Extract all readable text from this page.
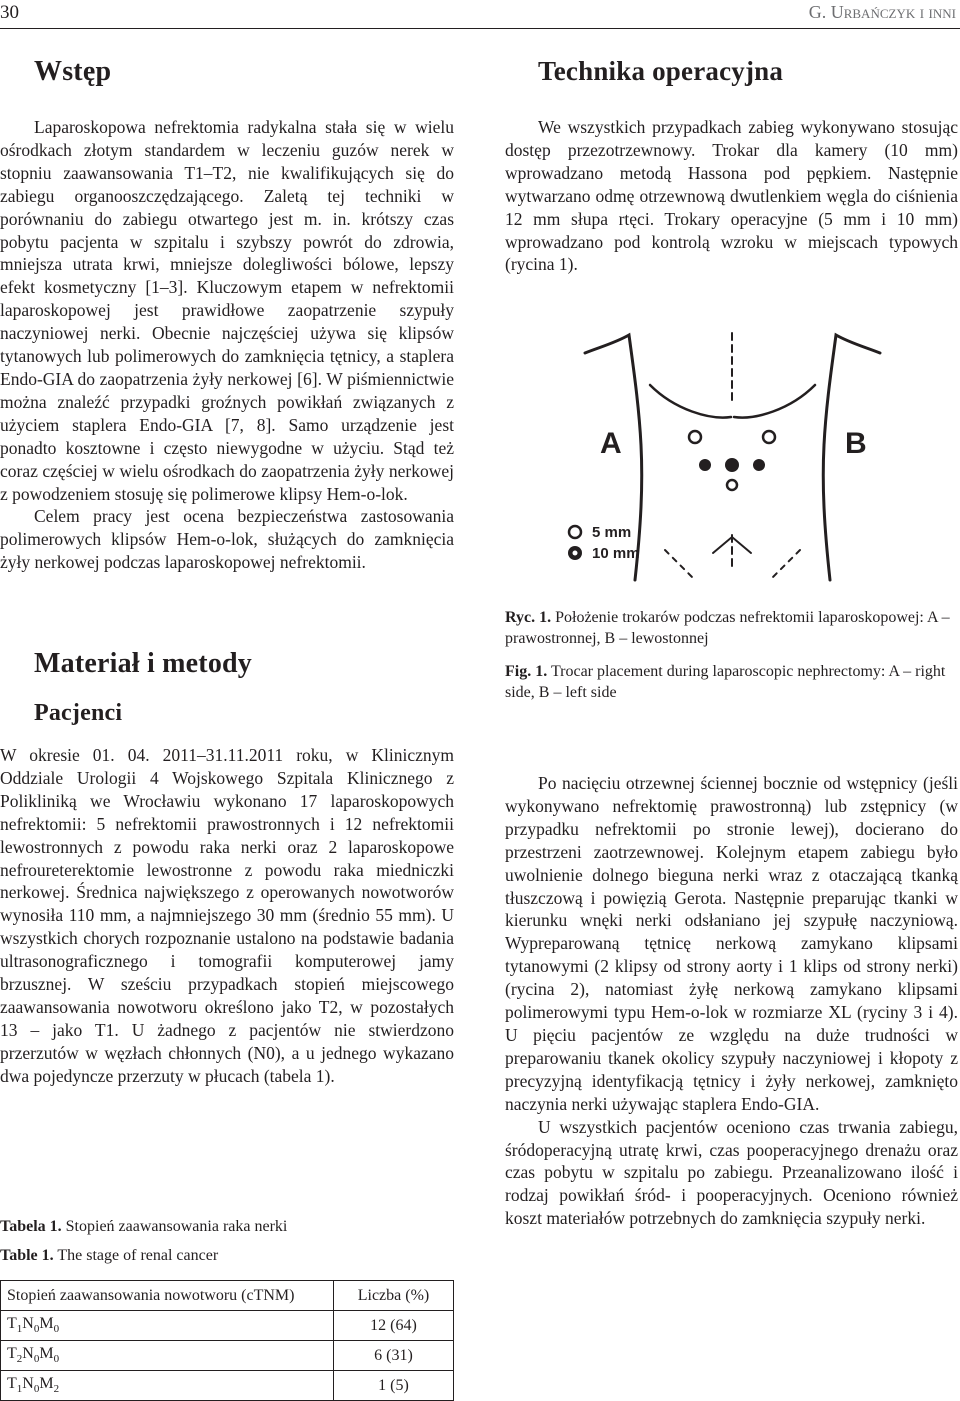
30	G. Urbańczyk i inni
Wstęp

Laparoskopowa nefrektomia radykalna stała się w wielu ośrodkach złotym standardem w leczeniu guzów nerek w stopniu zaawansowania T1–T2, nie kwalifikujących się do zabiegu organooszczędzającego. Zaletą tej techniki w porównaniu do zabiegu otwartego jest m. in. krótszy czas pobytu pacjenta w szpitalu i szybszy powrót do zdrowia, mniejsza utrata krwi, mniejsze dolegliwości bólowe, lepszy efekt kosmetyczny [1–3]. Kluczowym etapem w nefrektomii laparoskopowej jest prawidłowe zaopatrzenie szypuły naczyniowej nerki. Obecnie najczęściej używa się klipsów tytanowych lub polimerowych do zamknięcia tętnicy, a staplera Endo-GIA do zaopatrzenia żyły nerkowej [6]. W piśmiennictwie można znaleźć przypadki groźnych powikłań związanych z użyciem staplera Endo-GIA [7, 8]. Samo urządzenie jest ponadto kosztowne i często niewygodne w użyciu. Stąd też coraz częściej w wielu ośrodkach do zaopatrzenia żyły nerkowej z powodzeniem stosuję się polimerowe klipsy Hem-o-lok.

Celem pracy jest ocena bezpieczeństwa zastosowania polimerowych klipsów Hem-o-lok, służących do zamknięcia żyły nerkowej podczas laparoskopowej nefrektomii.

Materiał i metody
Pacjenci

W okresie 01. 04. 2011–31.11.2011 roku, w Klinicznym Oddziale Urologii 4 Wojskowego Szpitala Klinicznego z Polikliniką we Wrocławiu wykonano 17 laparoskopowych nefrektomii: 5 nefrektomii prawostronnych i 12 nefrektomii lewostronnych z powodu raka nerki oraz 2 laparoskopowe nefroureterektomie lewostronne z powodu raka miedniczki nerkowej. Średnica największego z operowanych nowotworów wynosiła 110 mm, a najmniejszego 30 mm (średnio 55 mm). U wszystkich chorych rozpoznanie ustalono na podstawie badania ultrasonograficznego i tomografii komputerowej jamy brzusznej. W sześciu przypadkach stopień miejscowego zaawansowania nowotworu określono jako T2, w pozostałych 13 – jako T1. U żadnego z pacjentów nie stwierdzono przerzutów w węzłach chłonnych (N0), a u jednego wykazano dwa pojedyncze przerzuty w płucach (tabela 1).

Tabela 1. Stopień zaawansowania raka nerki
Table 1. The stage of renal cancer
Stopień zaawansowania nowotworu (cTNM)	Liczba (%)
$T_1N_0M_0$	12 (64)
$T_2N_0M_0$	6 (31)
$T_1N_0M_2$	1 (5)
Technika operacyjna

We wszystkich przypadkach zabieg wykonywano stosując dostęp przezotrzewnowy. Trokar dla kamery (10 mm) wprowadzano metodą Hassona pod pępkiem. Następnie wytwarzano odmę otrzewnową dwutlenkiem węgla do ciśnienia 12 mm słupa rtęci. Trokary operacyjne (5 mm i 10 mm) wprowadzano pod kontrolą wzroku w miejscach typowych (rycina 1).

A	B
5 mm
10 mm
Ryc. 1. Położenie trokarów podczas nefrektomii laparoskopowej: A – prawostronnej, B – lewostonnej
Fig. 1. Trocar placement during laparoscopic nephrectomy: A – right side, B – left side

Po nacięciu otrzewnej ściennej bocznie od wstępnicy (jeśli wykonywano nefrektomię prawostronną) lub zstępnicy (w przypadku nefrektomii po stronie lewej), docierano do przestrzeni zaotrzewnowej. Kolejnym etapem zabiegu było uwolnienie dolnego bieguna nerki wraz z otaczającą tkanką tłuszczową i powięzią Gerota. Następnie preparując tkanki w kierunku wnęki nerki odsłaniano jej szypułę naczyniową. Wypreparowaną tętnicę nerkową zamykano klipsami tytanowymi (2 klipsy od strony aorty i 1 klips od strony nerki) (rycina 2), natomiast żyłę nerkową zamykano klipsami polimerowymi typu Hem-o-lok w rozmiarze XL (ryciny 3 i 4). U pięciu pacjentów ze względu na duże trudności w preparowaniu tkanek okolicy szypuły naczyniowej i kłopoty z precyzyjną identyfikacją tętnicy i żyły nerkowej, zamknięto naczynia nerki używając staplera Endo-GIA.

U wszystkich pacjentów oceniono czas trwania zabiegu, śródoperacyjną utratę krwi, czas pooperacyjnego drenażu oraz czas pobytu w szpitalu po zabiegu. Przeanalizowano ilość i rodzaj powikłań śród- i pooperacyjnych. Oceniono również koszt materiałów potrzebnych do zamknięcia szypuły nerki.
